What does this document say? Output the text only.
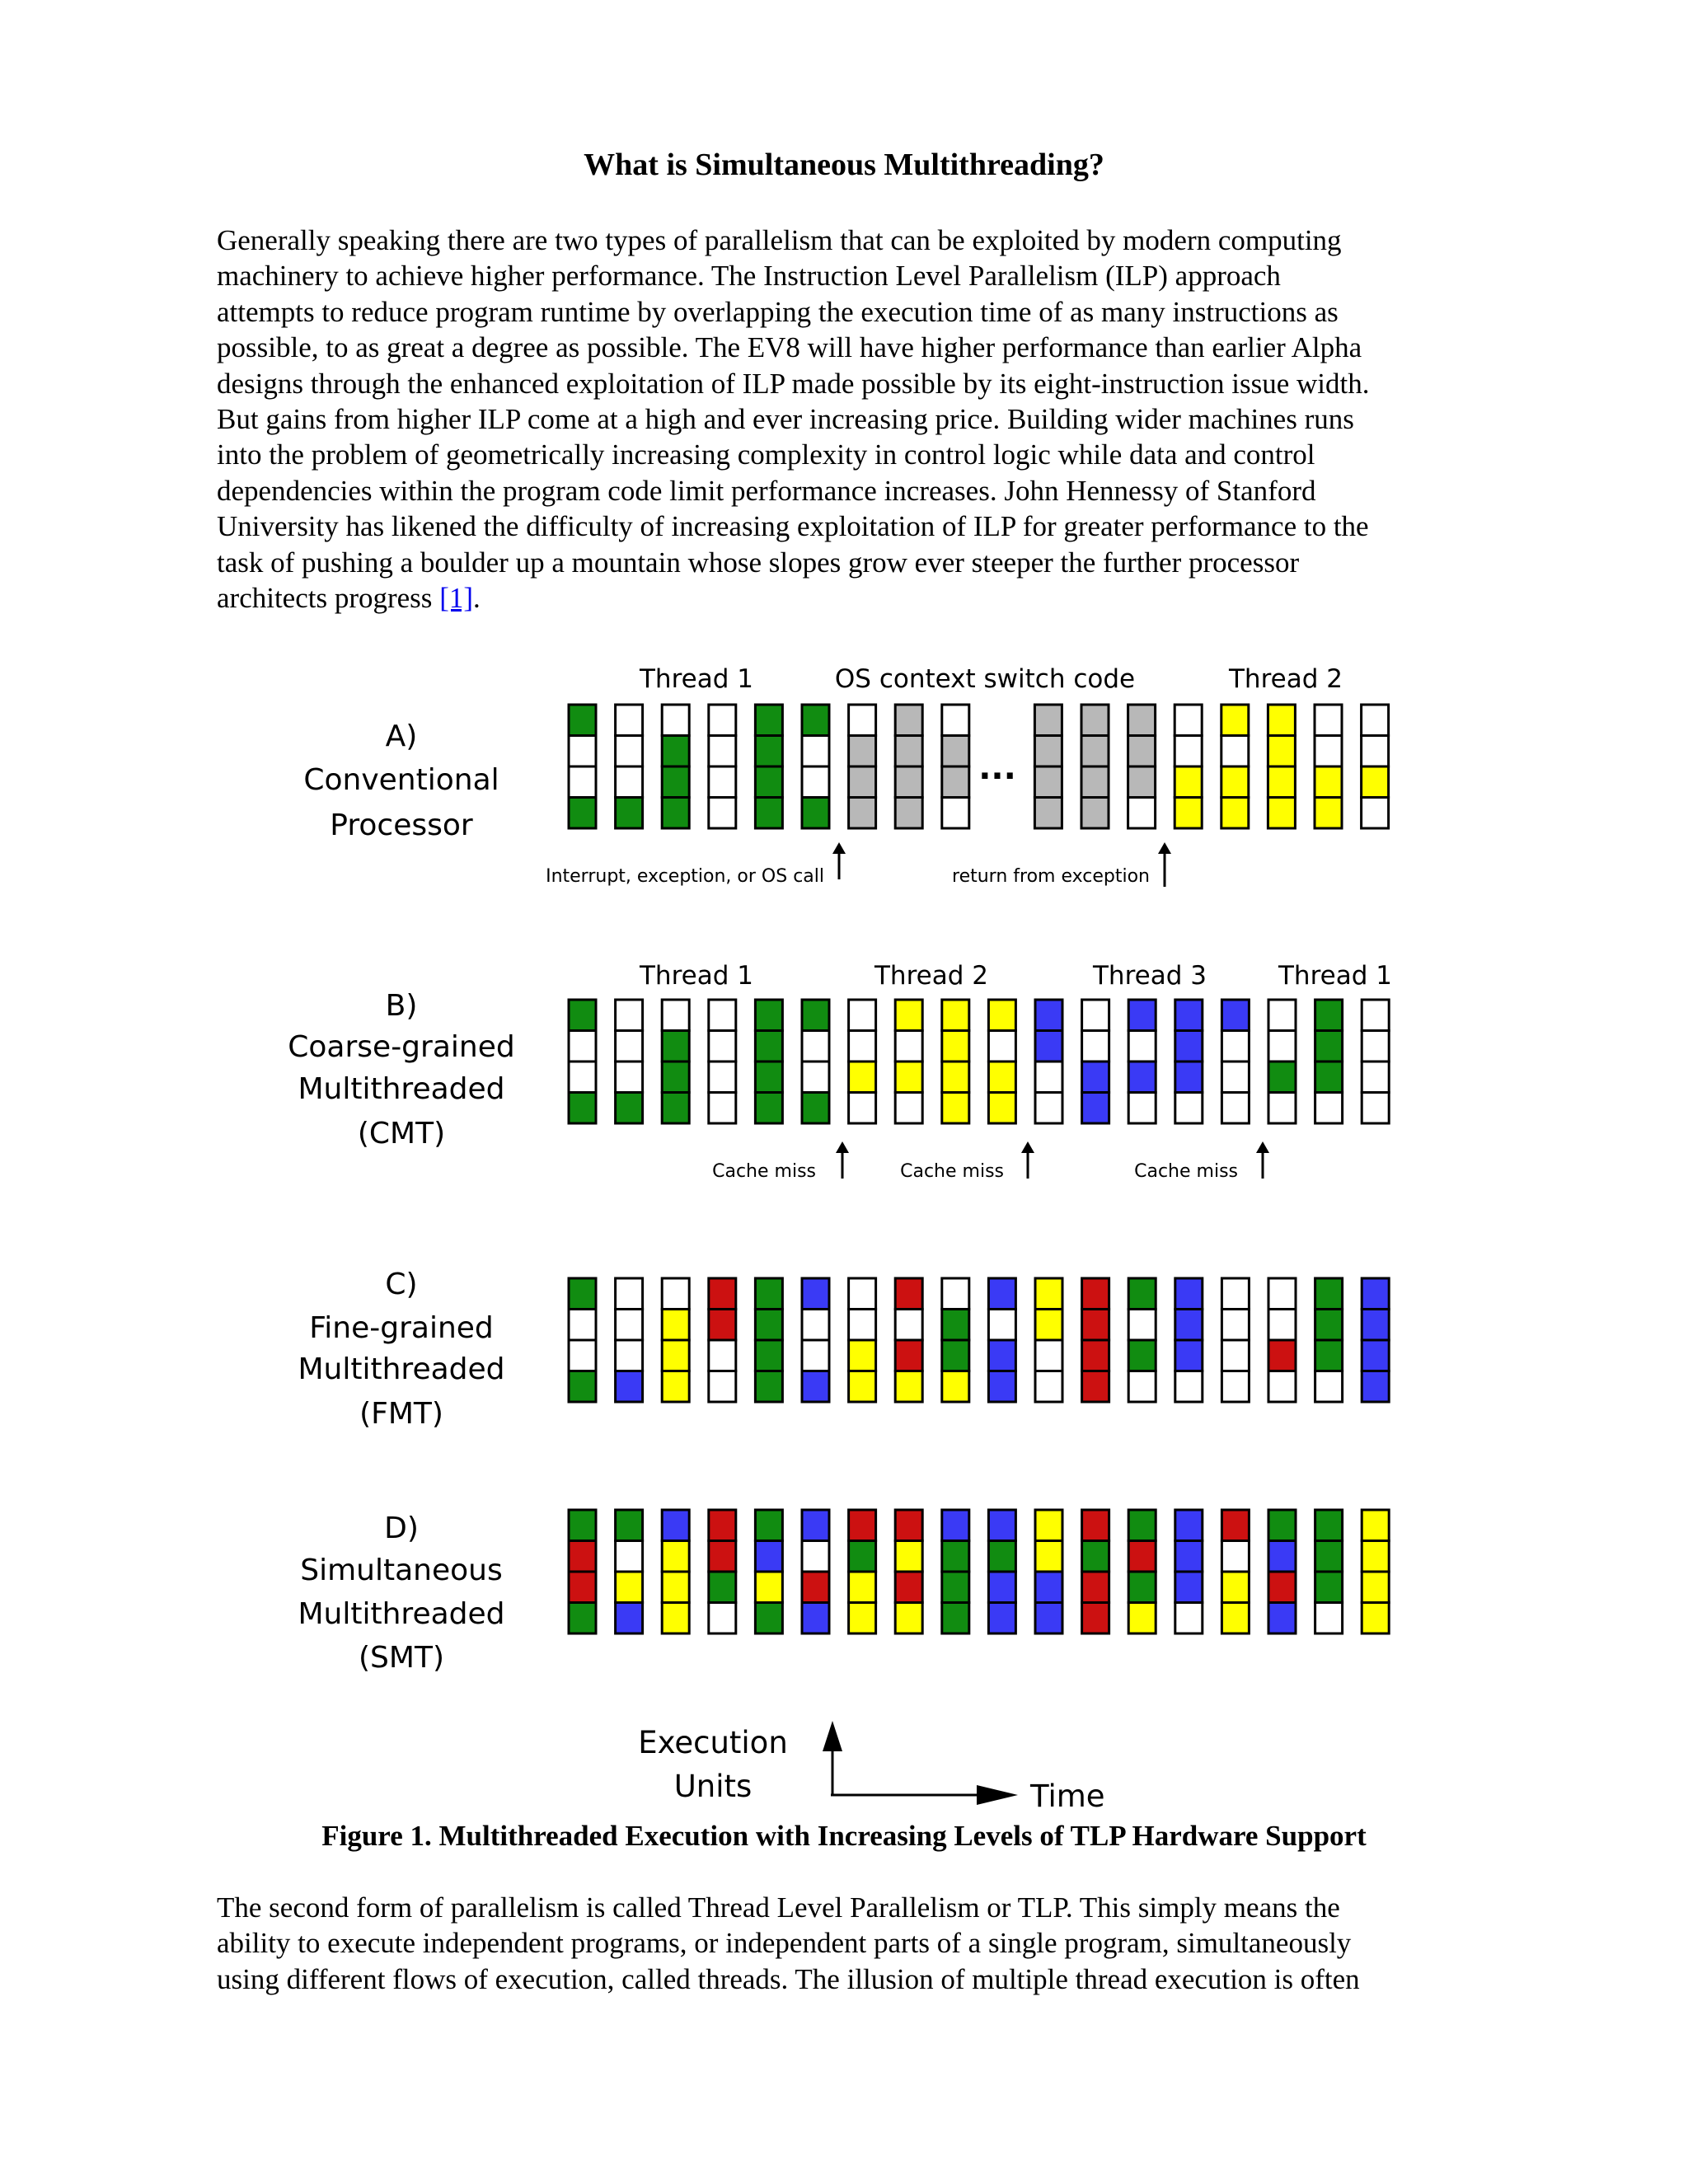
What is Simultaneous Multithreading?

Generally speaking there are two types of parallelism that can be exploited by modern computing
machinery to achieve higher performance. The Instruction Level Parallelism (ILP) approach
attempts to reduce program runtime by overlapping the execution time of as many instructions as
possible, to as great a degree as possible. The EV8 will have higher performance than earlier Alpha
designs through the enhanced exploitation of ILP made possible by its eight-instruction issue width.
But gains from higher ILP come at a high and ever increasing price. Building wider machines runs
into the problem of geometrically increasing complexity in control logic while data and control
dependencies within the program code limit performance increases. John Hennessy of Stanford
University has likened the difficulty of increasing exploitation of ILP for greater performance to the
task of pushing a boulder up a mountain whose slopes grow ever steeper the further processor
architects progress [1].

A)
Conventional
Processor
...
B)
Coarse-grained
Multithreaded
(CMT)
C)
Fine-grained
Multithreaded
(FMT)
D)
Simultaneous
Multithreaded
(SMT)
Thread 1	OS context switch code	Thread 2
Interrupt, exception, or OS call	return from exception
Thread 1	Thread 2	Thread 3	Thread 1
Cache miss	Cache miss	Cache miss
Execution
Units	Time

Figure 1. Multithreaded Execution with Increasing Levels of TLP Hardware Support

The second form of parallelism is called Thread Level Parallelism or TLP. This simply means the
ability to execute independent programs, or independent parts of a single program, simultaneously
using different flows of execution, called threads. The illusion of multiple thread execution is often
